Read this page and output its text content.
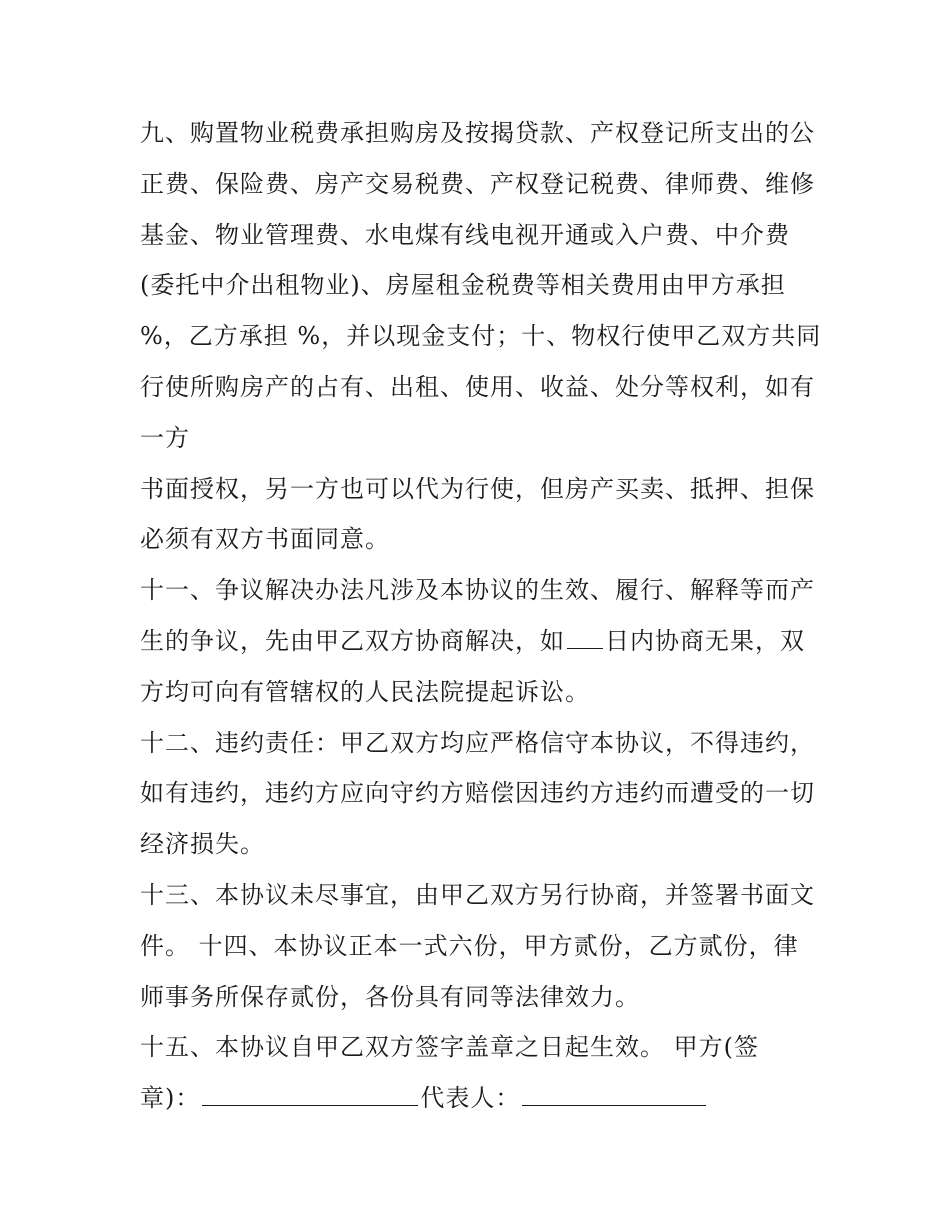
九、购置物业税费承担购房及按揭贷款、产权登记所支出的公
正费、保险费、房产交易税费、产权登记税费、律师费、维修
基金、物业管理费、水电煤有线电视开通或入户费、中介费
(委托中介出租物业)、房屋租金税费等相关费用由甲方承担
%，乙方承担 %，并以现金支付；十、物权行使甲乙双方共同
行使所购房产的占有、出租、使用、收益、处分等权利，如有
一方
书面授权，另一方也可以代为行使，但房产买卖、抵押、担保
必须有双方书面同意。
十一、争议解决办法凡涉及本协议的生效、履行、解释等而产
生的争议，先由甲乙双方协商解决，如 日内协商无果，双
方均可向有管辖权的人民法院提起诉讼。
十二、违约责任：甲乙双方均应严格信守本协议，不得违约，
如有违约，违约方应向守约方赔偿因违约方违约而遭受的一切
经济损失。
十三、本协议未尽事宜，由甲乙双方另行协商，并签署书面文
件。 十四、本协议正本一式六份，甲方贰份，乙方贰份，律
师事务所保存贰份，各份具有同等法律效力。
十五、本协议自甲乙双方签字盖章之日起生效。 甲方(签
章)：	代表人：
